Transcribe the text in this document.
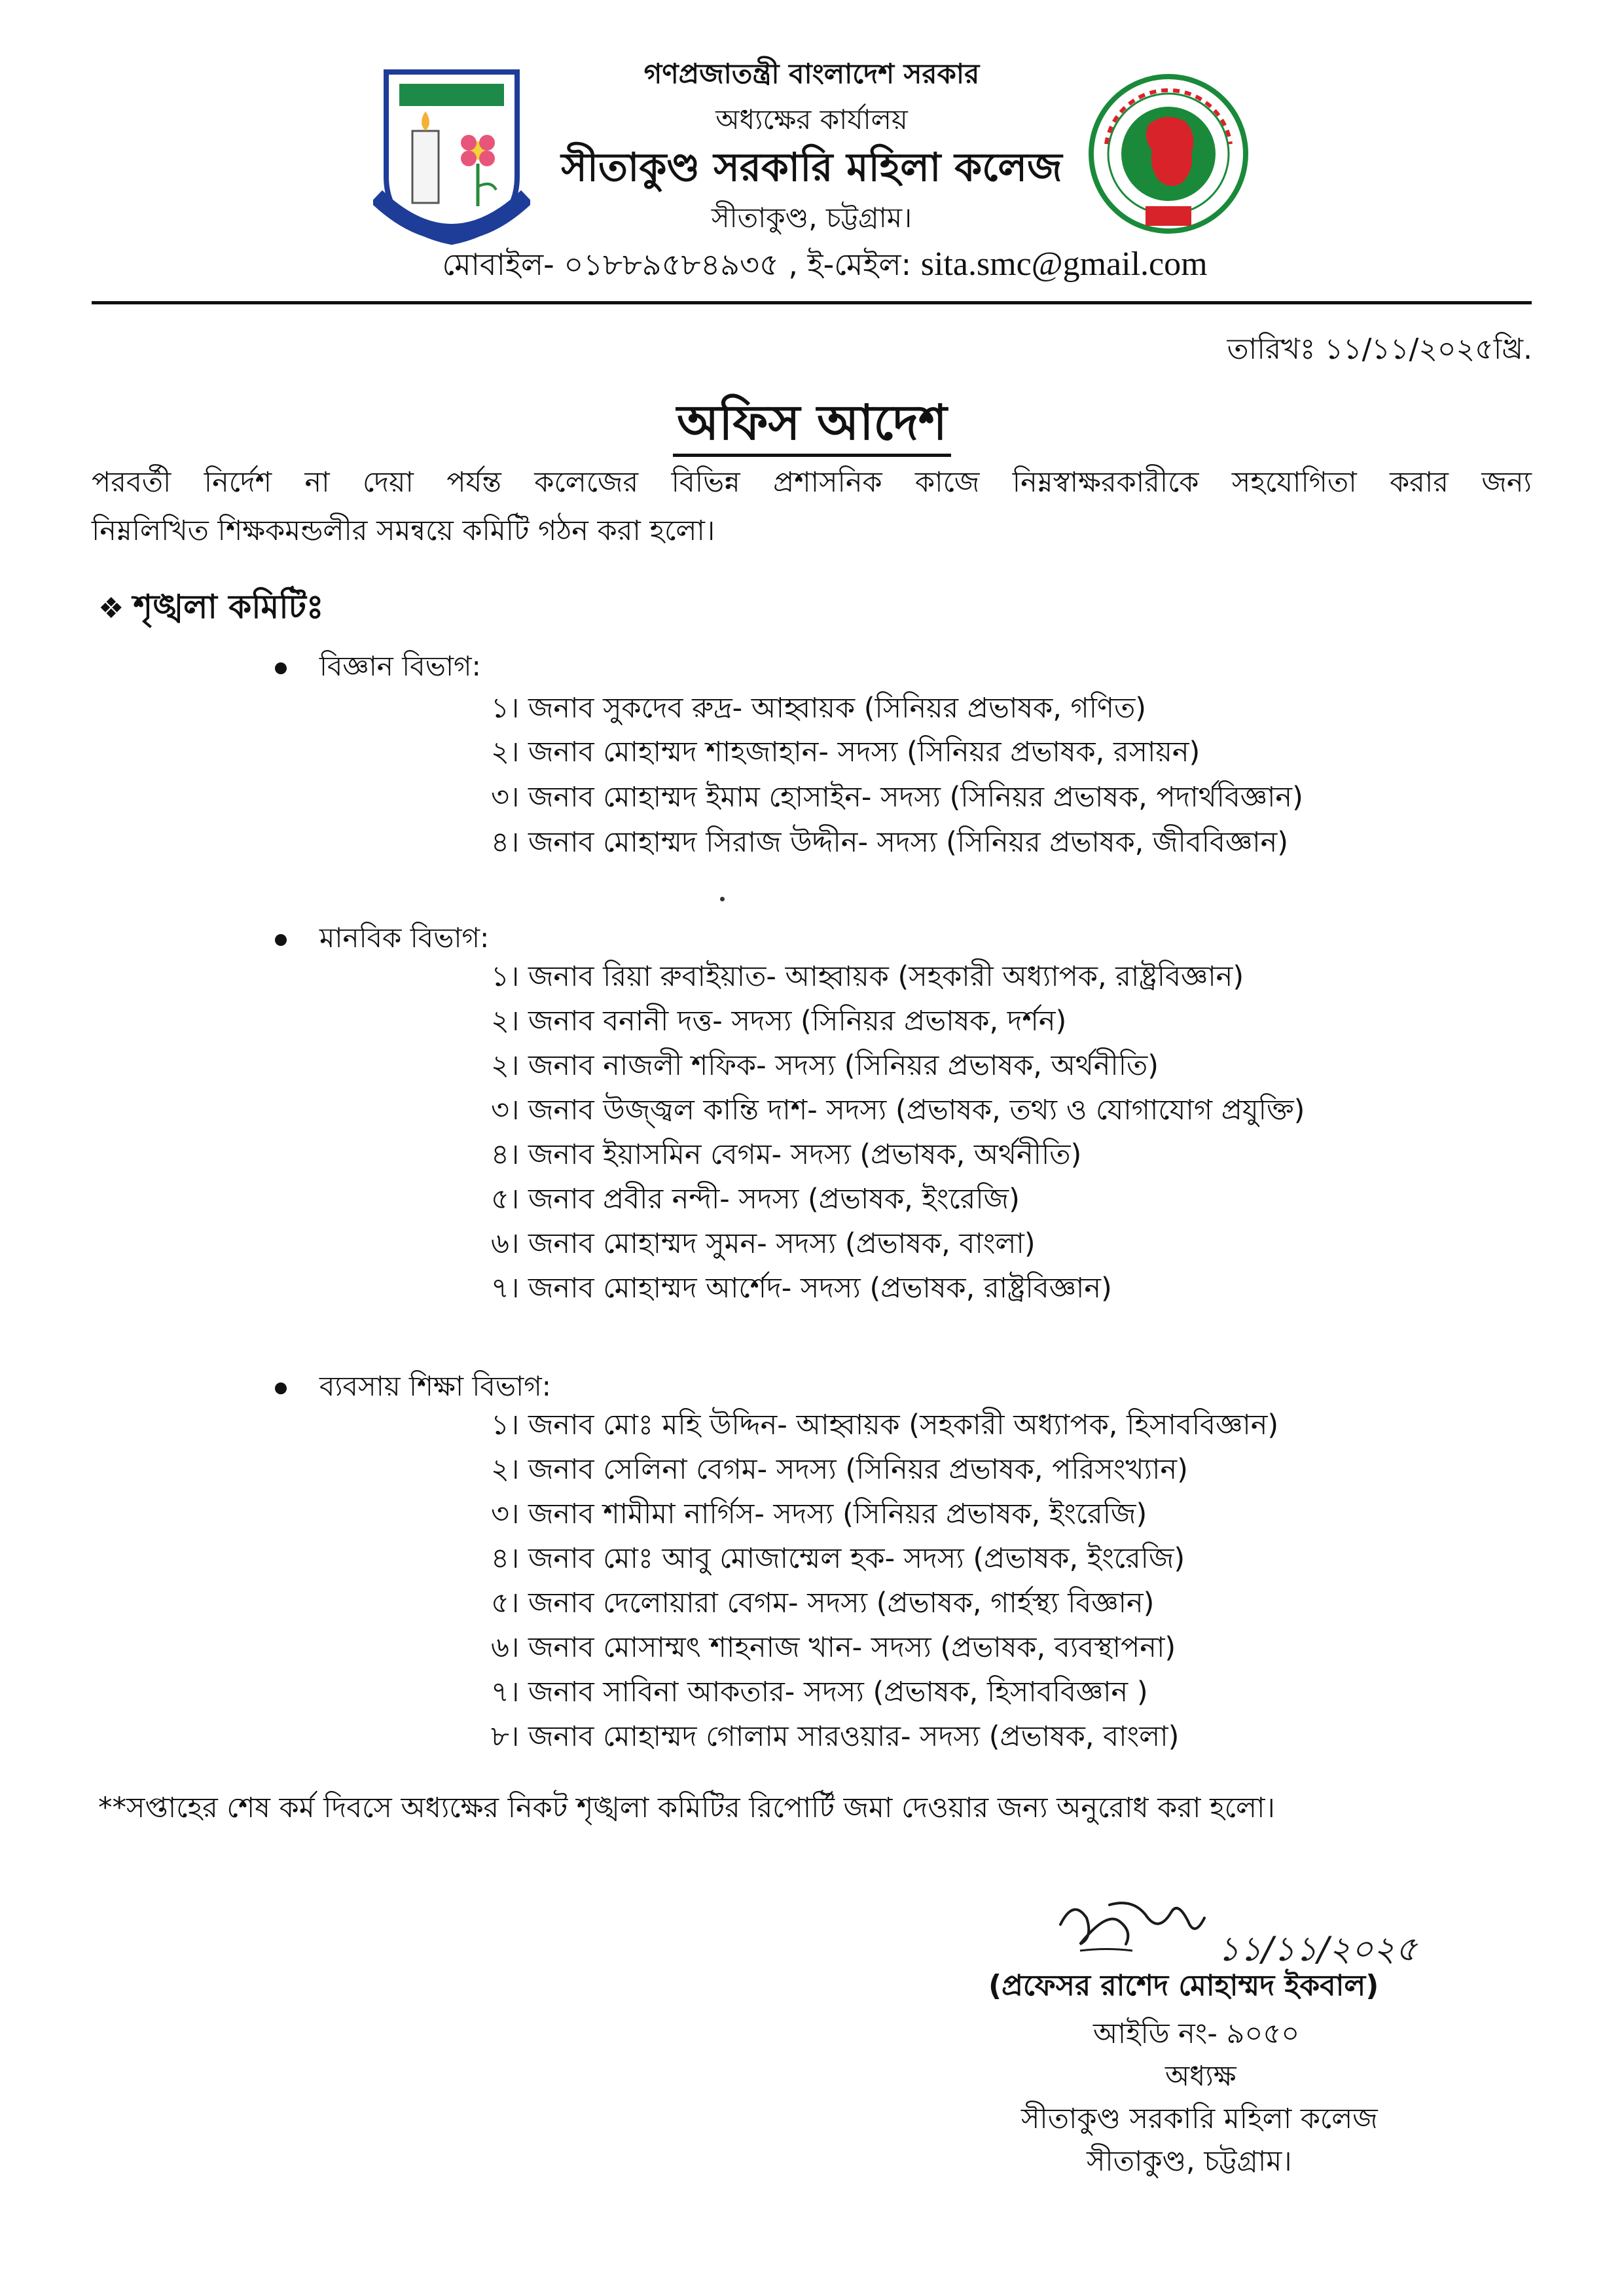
গণপ্রজাতন্ত্রী বাংলাদেশ সরকার
অধ্যক্ষের কার্যালয়
সীতাকুণ্ড সরকারি মহিলা কলেজ
সীতাকুণ্ড, চট্টগ্রাম।
মোবাইল- ০১৮৮৯৫৮৪৯৩৫ , ই-মেইল: sita.smc@gmail.com
তারিখঃ ১১/১১/২০২৫খ্রি.
অফিস আদেশ
পরবর্তী নির্দেশ না দেয়া পর্যন্ত কলেজের বিভিন্ন প্রশাসনিক কাজে নিম্নস্বাক্ষরকারীকে সহযোগিতা করার জন্য
নিম্নলিখিত শিক্ষকমন্ডলীর সমন্বয়ে কমিটি গঠন করা হলো।
❖ শৃঙ্খলা কমিটিঃ
বিজ্ঞান বিভাগ:
১। জনাব সুকদেব রুদ্র- আহ্বায়ক (সিনিয়র প্রভাষক, গণিত)
২। জনাব মোহাম্মদ শাহজাহান- সদস্য (সিনিয়র প্রভাষক, রসায়ন)
৩। জনাব মোহাম্মদ ইমাম হোসাইন- সদস্য (সিনিয়র প্রভাষক, পদার্থবিজ্ঞান)
৪। জনাব মোহাম্মদ সিরাজ উদ্দীন- সদস্য (সিনিয়র প্রভাষক, জীববিজ্ঞান)
মানবিক বিভাগ:
১। জনাব রিয়া রুবাইয়াত- আহ্বায়ক (সহকারী অধ্যাপক, রাষ্ট্রবিজ্ঞান)
২। জনাব বনানী দত্ত- সদস্য (সিনিয়র প্রভাষক, দর্শন)
২। জনাব নাজলী শফিক- সদস্য (সিনিয়র প্রভাষক, অর্থনীতি)
৩। জনাব উজ্জ্বল কান্তি দাশ- সদস্য (প্রভাষক, তথ্য ও যোগাযোগ প্রযুক্তি)
৪। জনাব ইয়াসমিন বেগম- সদস্য (প্রভাষক, অর্থনীতি)
৫। জনাব প্রবীর নন্দী- সদস্য (প্রভাষক, ইংরেজি)
৬। জনাব মোহাম্মদ সুমন- সদস্য (প্রভাষক, বাংলা)
৭। জনাব মোহাম্মদ আর্শেদ- সদস্য (প্রভাষক, রাষ্ট্রবিজ্ঞান)
ব্যবসায় শিক্ষা বিভাগ:
১। জনাব মোঃ মহি উদ্দিন- আহ্বায়ক (সহকারী অধ্যাপক, হিসাববিজ্ঞান)
২। জনাব সেলিনা বেগম- সদস্য (সিনিয়র প্রভাষক, পরিসংখ্যান)
৩। জনাব শামীমা নার্গিস- সদস্য (সিনিয়র প্রভাষক, ইংরেজি)
৪। জনাব মোঃ আবু মোজাম্মেল হক- সদস্য (প্রভাষক, ইংরেজি)
৫। জনাব দেলোয়ারা বেগম- সদস্য (প্রভাষক, গার্হস্থ্য বিজ্ঞান)
৬। জনাব মোসাম্মৎ শাহনাজ খান- সদস্য (প্রভাষক, ব্যবস্থাপনা)
৭। জনাব সাবিনা আকতার- সদস্য (প্রভাষক, হিসাববিজ্ঞান )
৮। জনাব মোহাম্মদ গোলাম সারওয়ার- সদস্য (প্রভাষক, বাংলা)
**সপ্তাহের শেষ কর্ম দিবসে অধ্যক্ষের নিকট শৃঙ্খলা কমিটির রিপোর্টি জমা দেওয়ার জন্য অনুরোধ করা হলো।
১১/১১/২০২৫
(প্রফেসর রাশেদ মোহাম্মদ ইকবাল)
আইডি নং- ৯০৫০
অধ্যক্ষ
সীতাকুণ্ড সরকারি মহিলা কলেজ
সীতাকুণ্ড, চট্টগ্রাম।
